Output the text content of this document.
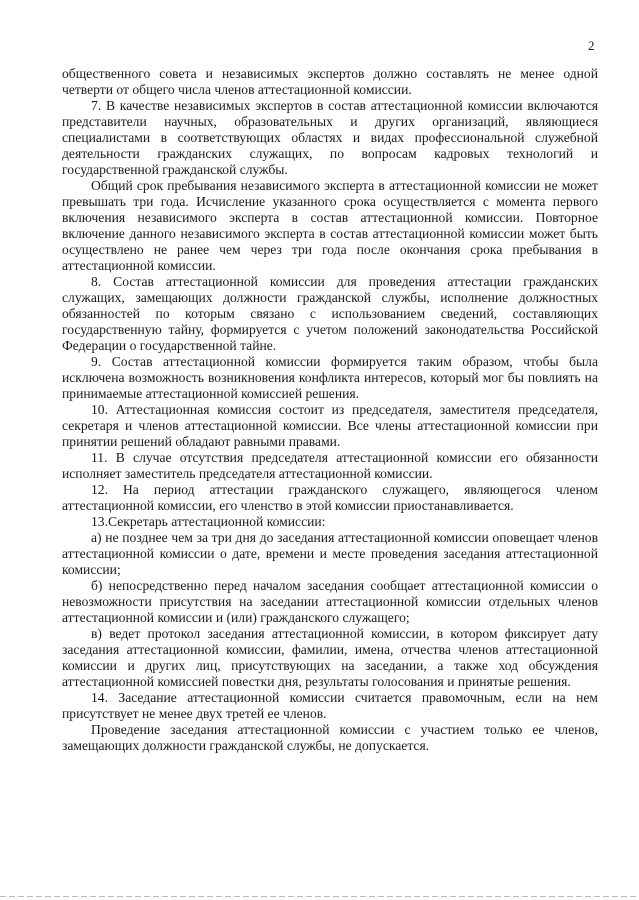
2

общественного совета и независимых экспертов должно составлять не менее одной четверти от общего числа членов аттестационной комиссии.

7. В качестве независимых экспертов в состав аттестационной комиссии включаются представители научных, образовательных и других организаций, являющиеся специалистами в соответствующих областях и видах профессиональной служебной деятельности гражданских служащих, по вопросам кадровых технологий и государственной гражданской службы.

Общий срок пребывания независимого эксперта в аттестационной комиссии не может превышать три года. Исчисление указанного срока осуществляется с момента первого включения независимого эксперта в состав аттестационной комиссии. Повторное включение данного независимого эксперта в состав аттестационной комиссии может быть осуществлено не ранее чем через три года после окончания срока пребывания в аттестационной комиссии.

8. Состав аттестационной комиссии для проведения аттестации гражданских служащих, замещающих должности гражданской службы, исполнение должностных обязанностей по которым связано с использованием сведений, составляющих государственную тайну, формируется с учетом положений законодательства Российской Федерации о государственной тайне.

9. Состав аттестационной комиссии формируется таким образом, чтобы была исключена возможность возникновения конфликта интересов, который мог бы повлиять на принимаемые аттестационной комиссией решения.

10. Аттестационная комиссия состоит из председателя, заместителя председателя, секретаря и членов аттестационной комиссии. Все члены аттестационной комиссии при принятии решений обладают равными правами.

11. В случае отсутствия председателя аттестационной комиссии его обязанности исполняет заместитель председателя аттестационной комиссии.

12. На период аттестации гражданского служащего, являющегося членом аттестационной комиссии, его членство в этой комиссии приостанавливается.

13.Секретарь аттестационной комиссии:

а) не позднее чем за три дня до заседания аттестационной комиссии оповещает членов аттестационной комиссии о дате, времени и месте проведения заседания аттестационной комиссии;

б) непосредственно перед началом заседания сообщает аттестационной комиссии о невозможности присутствия на заседании аттестационной комиссии отдельных членов аттестационной комиссии и (или) гражданского служащего;

в) ведет протокол заседания аттестационной комиссии, в котором фиксирует дату заседания аттестационной комиссии, фамилии, имена, отчества членов аттестационной комиссии и других лиц, присутствующих на заседании, а также ход обсуждения аттестационной комиссией повестки дня, результаты голосования и принятые решения.

14. Заседание аттестационной комиссии считается правомочным, если на нем присутствует не менее двух третей ее членов.

Проведение заседания аттестационной комиссии с участием только ее членов, замещающих должности гражданской службы, не допускается.
